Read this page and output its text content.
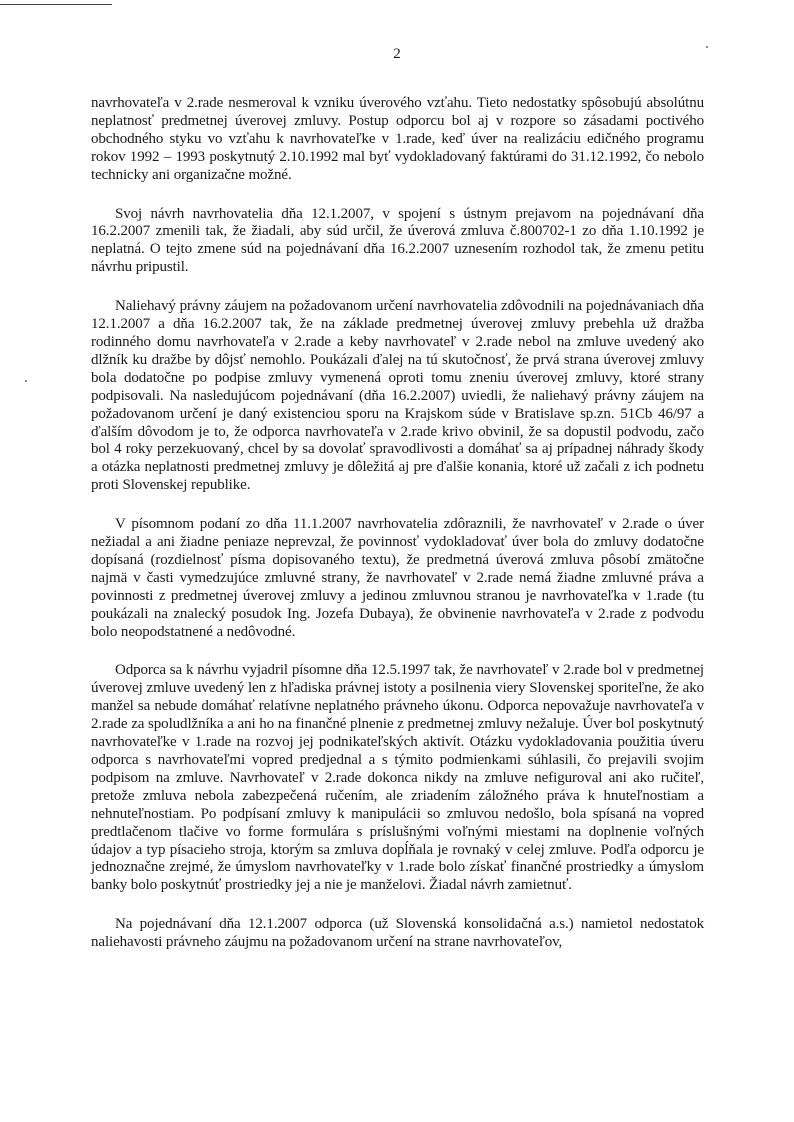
2

navrhovateľa v 2.rade nesmeroval k vzniku úverového vzťahu. Tieto nedostatky spôsobujú absolútnu neplatnosť predmetnej úverovej zmluvy. Postup odporcu bol aj v rozpore so zásadami poctivého obchodného styku vo vzťahu k navrhovateľke v 1.rade, keď úver na realizáciu edičného programu rokov 1992 – 1993 poskytnutý 2.10.1992 mal byť vydokladovaný faktúrami do 31.12.1992, čo nebolo technicky ani organizačne možné.

Svoj návrh navrhovatelia dňa 12.1.2007, v spojení s ústnym prejavom na pojednávaní dňa 16.2.2007 zmenili tak, že žiadali, aby súd určil, že úverová zmluva č.800702-1 zo dňa 1.10.1992 je neplatná. O tejto zmene súd na pojednávaní dňa 16.2.2007 uznesením rozhodol tak, že zmenu petitu návrhu pripustil.

Naliehavý právny záujem na požadovanom určení navrhovatelia zdôvodnili na pojednávaniach dňa 12.1.2007 a dňa 16.2.2007 tak, že na základe predmetnej úverovej zmluvy prebehla už dražba rodinného domu navrhovateľa v 2.rade a keby navrhovateľ v 2.rade nebol na zmluve uvedený ako dlžník ku dražbe by dôjsť nemohlo. Poukázali ďalej na tú skutočnosť, že prvá strana úverovej zmluvy bola dodatočne po podpise zmluvy vymenená oproti tomu zneniu úverovej zmluvy, ktoré strany podpisovali. Na nasledujúcom pojednávaní (dňa 16.2.2007) uviedli, že naliehavý právny záujem na požadovanom určení je daný existenciou sporu na Krajskom súde v Bratislave sp.zn. 51Cb 46/97 a ďalším dôvodom je to, že odporca navrhovateľa v 2.rade krivo obvinil, že sa dopustil podvodu, začo bol 4 roky perzekuovaný, chcel by sa dovolať spravodlivosti a domáhať sa aj prípadnej náhrady škody a otázka neplatnosti predmetnej zmluvy je dôležitá aj pre ďalšie konania, ktoré už začali z ich podnetu proti Slovenskej republike.

V písomnom podaní zo dňa 11.1.2007 navrhovatelia zdôraznili, že navrhovateľ v 2.rade o úver nežiadal a ani žiadne peniaze neprevzal, že povinnosť vydokladovať úver bola do zmluvy dodatočne dopísaná (rozdielnosť písma dopisovaného textu), že predmetná úverová zmluva pôsobí zmätočne najmä v časti vymedzujúce zmluvné strany, že navrhovateľ v 2.rade nemá žiadne zmluvné práva a povinnosti z predmetnej úverovej zmluvy a jedinou zmluvnou stranou je navrhovateľka v 1.rade (tu poukázali na znalecký posudok Ing. Jozefa Dubaya), že obvinenie navrhovateľa v 2.rade z podvodu bolo neopodstatnené a nedôvodné.

Odporca sa k návrhu vyjadril písomne dňa 12.5.1997 tak, že navrhovateľ v 2.rade bol v predmetnej úverovej zmluve uvedený len z hľadiska právnej istoty a posilnenia viery Slovenskej sporiteľne, že ako manžel sa nebude domáhať relatívne neplatného právneho úkonu. Odporca nepovažuje navrhovateľa v 2.rade za spoludlžníka a ani ho na finančné plnenie z predmetnej zmluvy nežaluje. Úver bol poskytnutý navrhovateľke v 1.rade na rozvoj jej podnikateľských aktivít. Otázku vydokladovania použitia úveru odporca s navrhovateľmi vopred predjednal a s týmito podmienkami súhlasili, čo prejavili svojim podpisom na zmluve. Navrhovateľ v 2.rade dokonca nikdy na zmluve nefiguroval ani ako ručiteľ, pretože zmluva nebola zabezpečená ručením, ale zriadením záložného práva k hnuteľnostiam a nehnuteľnostiam. Po podpísaní zmluvy k manipulácii so zmluvou nedošlo, bola spísaná na vopred predtlačenom tlačive vo forme formulára s príslušnými voľnými miestami na doplnenie voľných údajov a typ písacieho stroja, ktorým sa zmluva dopĺňala je rovnaký v celej zmluve. Podľa odporcu je jednoznačne zrejmé, že úmyslom navrhovateľky v 1.rade bolo získať finančné prostriedky a úmyslom banky bolo poskytnúť prostriedky jej a nie je manželovi. Žiadal návrh zamietnuť.

Na pojednávaní dňa 12.1.2007 odporca (už Slovenská konsolidačná a.s.) namietol nedostatok naliehavosti právneho záujmu na požadovanom určení na strane navrhovateľov,
